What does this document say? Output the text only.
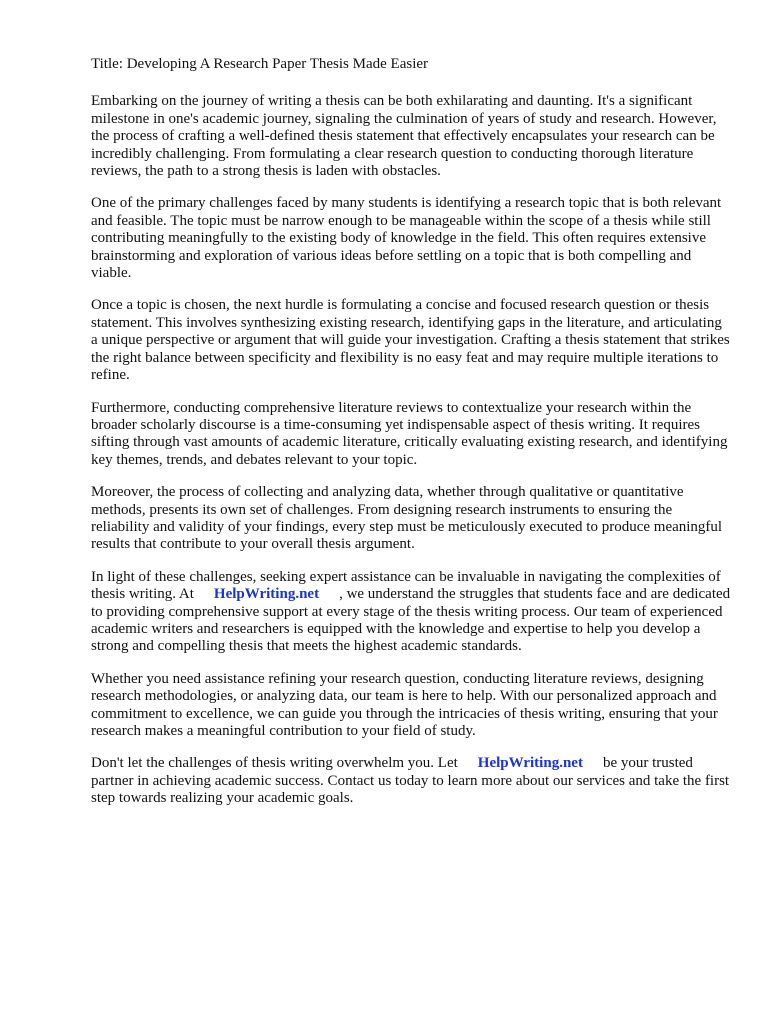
Title: Developing A Research Paper Thesis Made Easier

Embarking on the journey of writing a thesis can be both exhilarating and daunting. It's a significant milestone in one's academic journey, signaling the culmination of years of study and research. However, the process of crafting a well-defined thesis statement that effectively encapsulates your research can be incredibly challenging. From formulating a clear research question to conducting thorough literature reviews, the path to a strong thesis is laden with obstacles.

One of the primary challenges faced by many students is identifying a research topic that is both relevant and feasible. The topic must be narrow enough to be manageable within the scope of a thesis while still contributing meaningfully to the existing body of knowledge in the field. This often requires extensive brainstorming and exploration of various ideas before settling on a topic that is both compelling and viable.

Once a topic is chosen, the next hurdle is formulating a concise and focused research question or thesis statement. This involves synthesizing existing research, identifying gaps in the literature, and articulating a unique perspective or argument that will guide your investigation. Crafting a thesis statement that strikes the right balance between specificity and flexibility is no easy feat and may require multiple iterations to refine.

Furthermore, conducting comprehensive literature reviews to contextualize your research within the broader scholarly discourse is a time-consuming yet indispensable aspect of thesis writing. It requires sifting through vast amounts of academic literature, critically evaluating existing research, and identifying key themes, trends, and debates relevant to your topic.

Moreover, the process of collecting and analyzing data, whether through qualitative or quantitative methods, presents its own set of challenges. From designing research instruments to ensuring the reliability and validity of your findings, every step must be meticulously executed to produce meaningful results that contribute to your overall thesis argument.

In light of these challenges, seeking expert assistance can be invaluable in navigating the complexities of thesis writing. At HelpWriting.net , we understand the struggles that students face and are dedicated to providing comprehensive support at every stage of the thesis writing process. Our team of experienced academic writers and researchers is equipped with the knowledge and expertise to help you develop a strong and compelling thesis that meets the highest academic standards.

Whether you need assistance refining your research question, conducting literature reviews, designing research methodologies, or analyzing data, our team is here to help. With our personalized approach and commitment to excellence, we can guide you through the intricacies of thesis writing, ensuring that your research makes a meaningful contribution to your field of study.

Don't let the challenges of thesis writing overwhelm you. Let HelpWriting.net be your trusted partner in achieving academic success. Contact us today to learn more about our services and take the first step towards realizing your academic goals.
